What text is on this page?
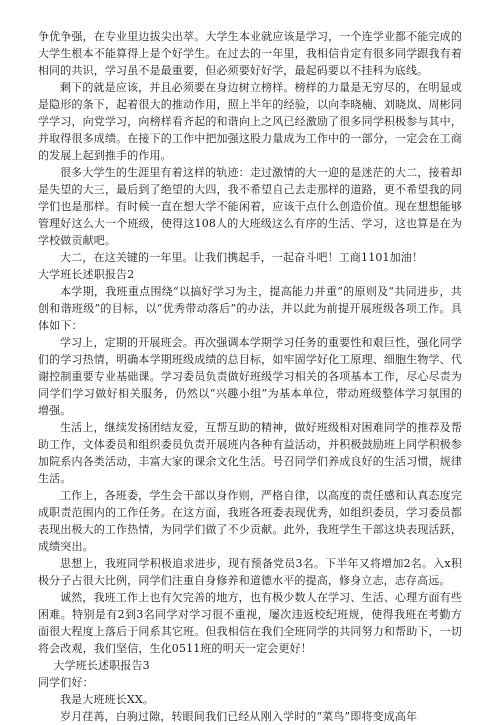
争优争强，在专业里边拔尖出萃。大学生本业就应该是学习，一个连学业都不能完成的大学生根本不能算得上是个好学生。在过去的一年里，我相信肯定有很多同学跟我有着相同的共识，学习虽不是最重要，但必须要好好学，最起码要以不挂科为底线。

剩下的就是应该，并且必须要在身边树立榜样。榜样的力量是无穷尽的，在明显或是隐形的条下，起着很大的推动作用，照上半年的经验，以向李晓楠、刘晓岚、周彬同学学习，向党学习，向榜样看齐起的和谐向上之风已经激励了很多同学积极参与其中，并取得很多成绩。在接下的工作中把加强这股力量成为工作中的一部分，一定会在工商的发展上起到推手的作用。

很多大学生的生涯里有着这样的轨迹：走过激情的大一迎的是迷茫的大二，接着却是失望的大三，最后到了绝望的大四，我不希望自己去走那样的道路，更不希望我的同学们也是那样。有时候一直在想大学不能闲着，应该干点什么创造价值。现在想想能够管理好这么大一个班级，使得这108人的大班级这么有序的生活、学习，这也算是在为学校做贡献吧。

大二，在这关键的一年里。让我们携起手，一起奋斗吧！工商1101加油！

大学班长述职报告2

本学期，我班重点围绕“以搞好学习为主，提高能力并重”的原则及“共同进步，共创和谐班级”的目标，以“优秀带动落后”的办法，并以此为前提开展班级各项工作。具体如下：

学习上，定期的开展班会。再次强调本学期学习任务的重要性和艰巨性，强化同学们的学习热情，明确本学期班级成绩的总目标，如牢固学好化工原理、细胞生物学、代谢控制重要专业基础课。学习委员负责做好班级学习相关的各项基本工作，尽心尽责为同学们学习做好相关服务，仍然以“兴趣小组”为基本单位，带动班级整体学习氛围的增强。

生活上，继续发扬团结友爱，互帮互助的精神，做好班级相对困难同学的推荐及帮助工作，文体委员和组织委员负责开展班内各种有益活动，并积极鼓励班上同学积极参加院系内各类活动，丰富大家的课余文化生活。号召同学们养成良好的生活习惯，规律生活。

工作上，各班委，学生会干部以身作则，严格自律，以高度的责任感和认真态度完成职责范围内的工作任务。在这方面，我班各班委表现优秀，如组织委员，学习委员都表现出极大的工作热情，为同学们做了不少贡献。此外，我班学生干部这块表现活跃，成绩突出。

思想上，我班同学积极追求进步，现有预备党员3名。下半年又将增加2名。入x积极分子占很大比例，同学们注重自身修养和道德水平的提高，修身立志，志存高远。

诚然，我班工作上也有欠完善的地方，也有极少数人在学习、生活、心理方面有些困难。特别是有2到3名同学对学习很不重视，屡次违返校纪班规，使得我班在考勤方面很大程度上落后于同系其它班。但我相信在我们全班同学的共同努力和帮助下，一切将会改观，我们坚信，生化0511班的明天一定会更好！

大学班长述职报告3

同学们好：

我是大班班长XX。

岁月荏苒，白驹过隙，转眼间我们已经从刚入学时的“菜鸟”即将变成高年
